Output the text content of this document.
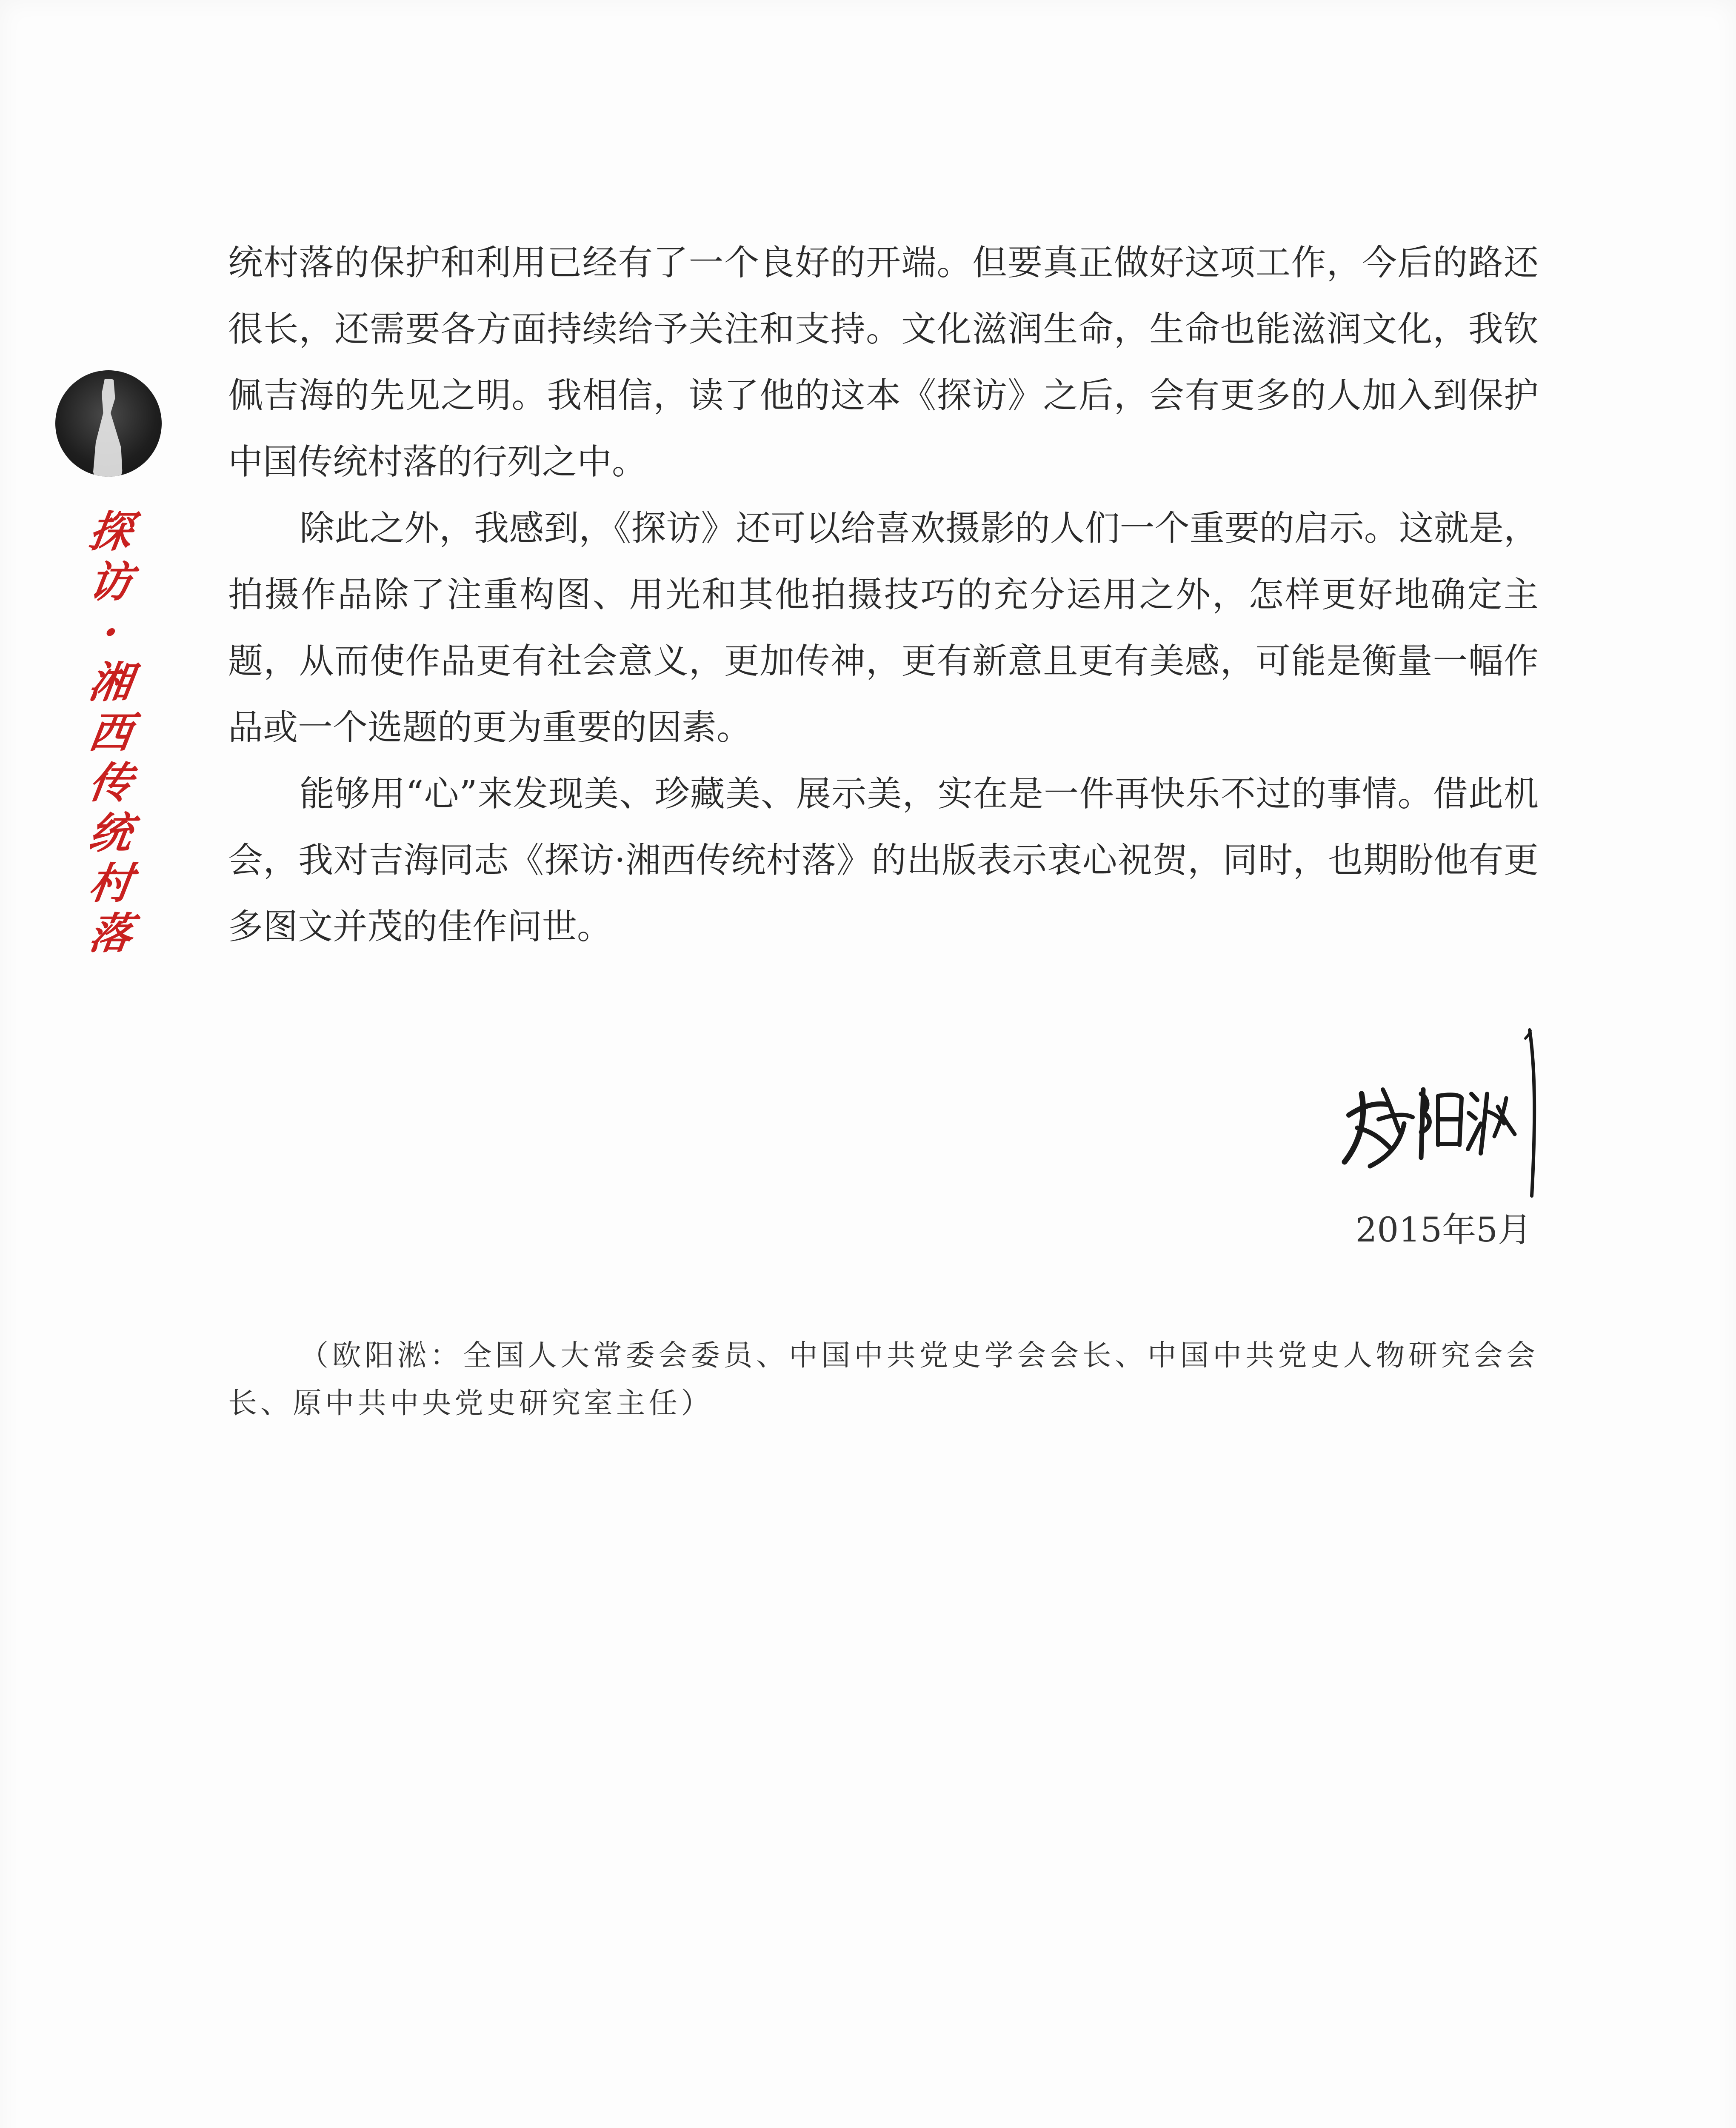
探
访
·
湘
西
传
统
村
落

统村落的保护和利用已经有了一个良好的开端。但要真正做好这项工作，今后的路还很长，还需要各方面持续给予关注和支持。文化滋润生命，生命也能滋润文化，我钦佩吉海的先见之明。我相信，读了他的这本《探访》之后，会有更多的人加入到保护中国传统村落的行列之中。

除此之外，我感到，《探访》还可以给喜欢摄影的人们一个重要的启示。这就是，拍摄作品除了注重构图、用光和其他拍摄技巧的充分运用之外，怎样更好地确定主题，从而使作品更有社会意义，更加传神，更有新意且更有美感，可能是衡量一幅作品或一个选题的更为重要的因素。

能够用“心”来发现美、珍藏美、展示美，实在是一件再快乐不过的事情。借此机会，我对吉海同志《探访·湘西传统村落》的出版表示衷心祝贺，同时，也期盼他有更多图文并茂的佳作问世。

2015年5月
（欧阳淞：全国人大常委会委员、中国中共党史学会会长、中国中共党史人物研究会会长、原中共中央党史研究室主任）
